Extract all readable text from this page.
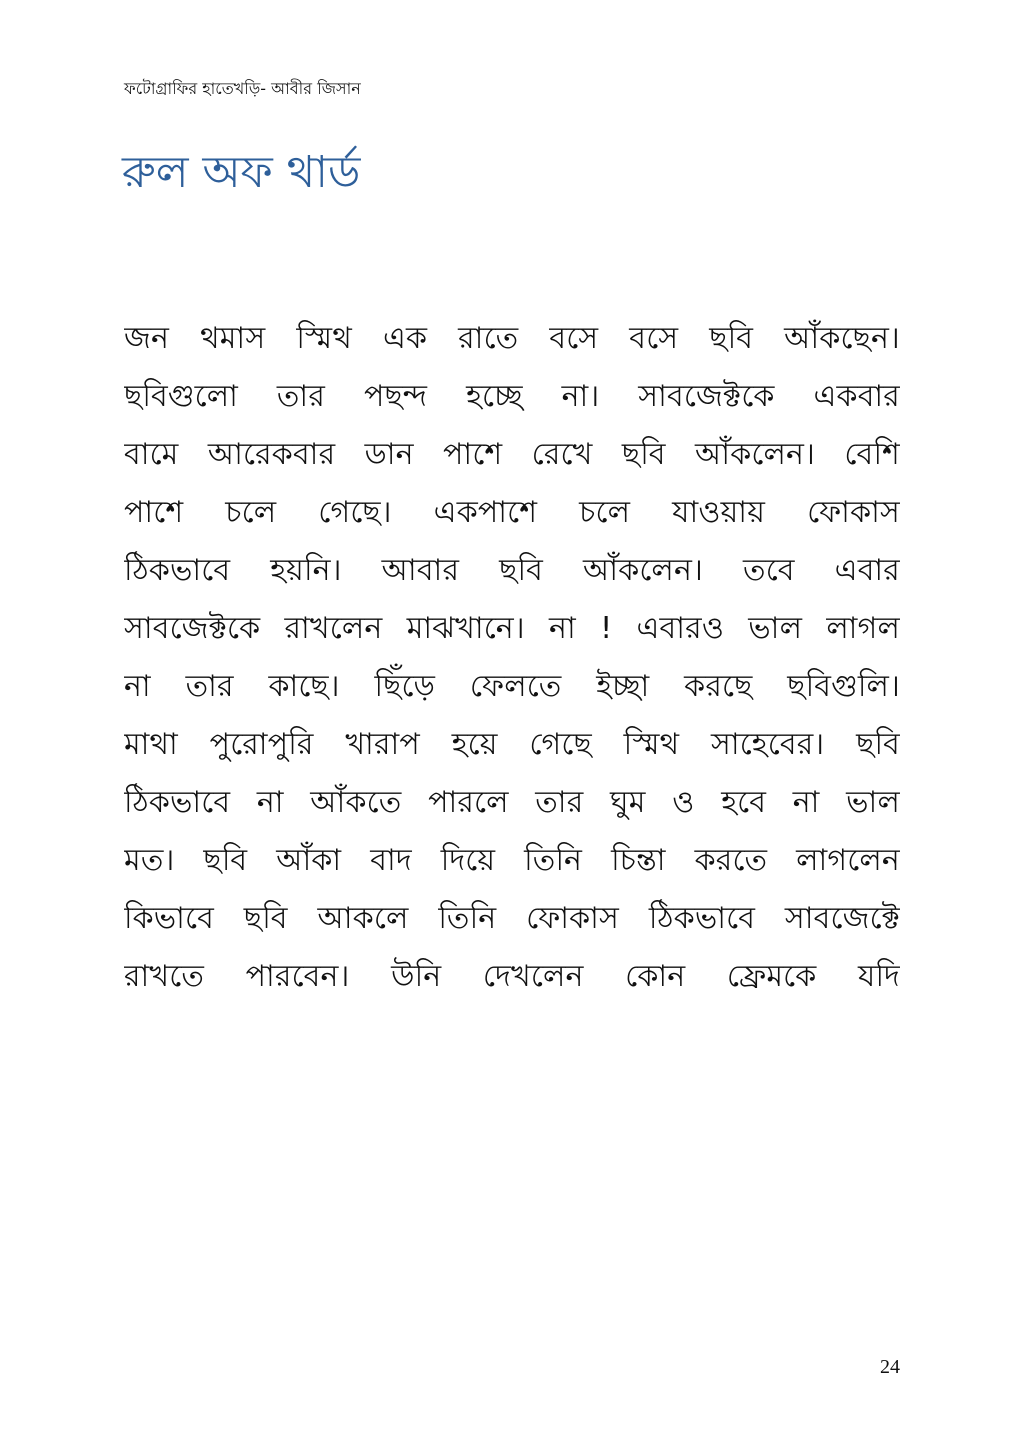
ফটোগ্রাফির হাতেখড়ি- আবীর জিসান
রুল অফ থার্ড
জন থমাস স্মিথ এক রাতে বসে বসে ছবি আঁকছেন।
ছবিগুলো তার পছন্দ হচ্ছে না। সাবজেক্টকে একবার
বামে আরেকবার ডান পাশে রেখে ছবি আঁকলেন। বেশি
পাশে চলে গেছে। একপাশে চলে যাওয়ায় ফোকাস
ঠিকভাবে হয়নি। আবার ছবি আঁকলেন। তবে এবার
সাবজেক্টকে রাখলেন মাঝখানে। না ! এবারও ভাল লাগল
না তার কাছে। ছিঁড়ে ফেলতে ইচ্ছা করছে ছবিগুলি।
মাথা পুরোপুরি খারাপ হয়ে গেছে স্মিথ সাহেবের। ছবি
ঠিকভাবে না আঁকতে পারলে তার ঘুম ও হবে না ভাল
মত। ছবি আঁকা বাদ দিয়ে তিনি চিন্তা করতে লাগলেন
কিভাবে ছবি আকলে তিনি ফোকাস ঠিকভাবে সাবজেক্টে
রাখতে পারবেন। উনি দেখলেন কোন ফ্রেমকে যদি
24
